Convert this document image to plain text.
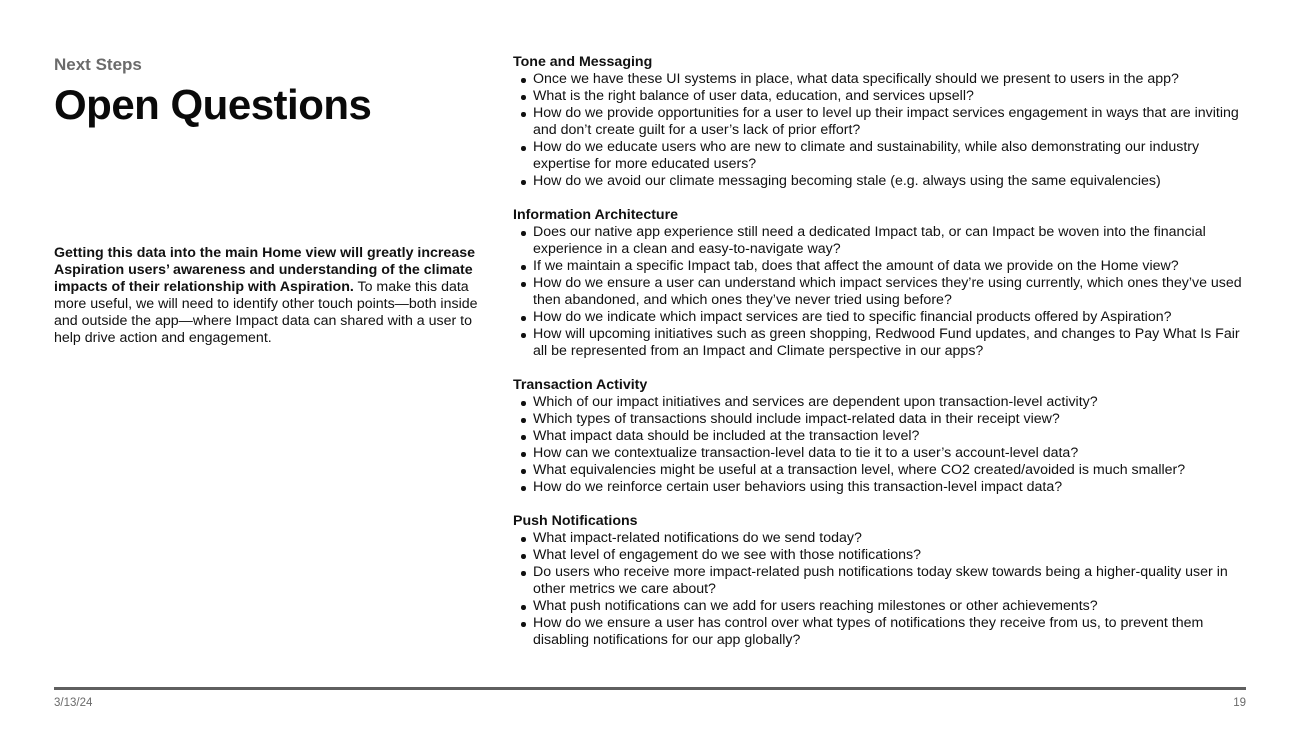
Next Steps
Open Questions
Getting this data into the main Home view will greatly increase Aspiration users’ awareness and understanding of the climate impacts of their relationship with Aspiration. To make this data more useful, we will need to identify other touch points—both inside and outside the app—where Impact data can shared with a user to help drive action and engagement.
Tone and Messaging
Once we have these UI systems in place, what data specifically should we present to users in the app?
What is the right balance of user data, education, and services upsell?
How do we provide opportunities for a user to level up their impact services engagement in ways that are inviting and don’t create guilt for a user’s lack of prior effort?
How do we educate users who are new to climate and sustainability, while also demonstrating our industry expertise for more educated users?
How do we avoid our climate messaging becoming stale (e.g. always using the same equivalencies)
Information Architecture
Does our native app experience still need a dedicated Impact tab, or can Impact be woven into the financial experience in a clean and easy-to-navigate way?
If we maintain a specific Impact tab, does that affect the amount of data we provide on the Home view?
How do we ensure a user can understand which impact services they’re using currently, which ones they’ve used then abandoned, and which ones they’ve never tried using before?
How do we indicate which impact services are tied to specific financial products offered by Aspiration?
How will upcoming initiatives such as green shopping, Redwood Fund updates, and changes to Pay What Is Fair all be represented from an Impact and Climate perspective in our apps?
Transaction Activity
Which of our impact initiatives and services are dependent upon transaction-level activity?
Which types of transactions should include impact-related data in their receipt view?
What impact data should be included at the transaction level?
How can we contextualize transaction-level data to tie it to a user’s account-level data?
What equivalencies might be useful at a transaction level, where CO2 created/avoided is much smaller?
How do we reinforce certain user behaviors using this transaction-level impact data?
Push Notifications
What impact-related notifications do we send today?
What level of engagement do we see with those notifications?
Do users who receive more impact-related push notifications today skew towards being a higher-quality user in other metrics we care about?
What push notifications can we add for users reaching milestones or other achievements?
How do we ensure a user has control over what types of notifications they receive from us, to prevent them disabling notifications for our app globally?
3/13/24	19
